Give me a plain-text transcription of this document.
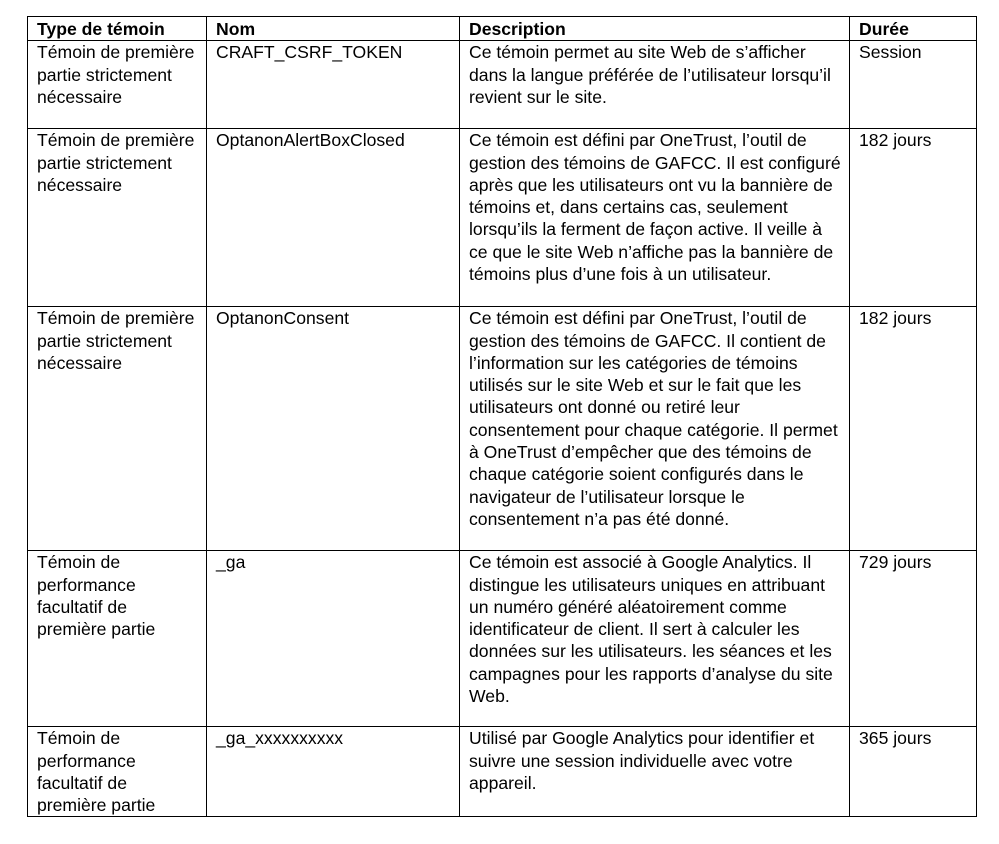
Type de témoin	Nom	Description	Durée

Témoin de première partie strictement nécessaire	CRAFT_CSRF_TOKEN	Ce témoin permet au site Web de s’afficher dans la langue préférée de l’utilisateur lorsqu’il revient sur le site.	Session

Témoin de première partie strictement nécessaire	OptanonAlertBoxClosed	Ce témoin est défini par OneTrust, l’outil de gestion des témoins de GAFCC. Il est configuré après que les utilisateurs ont vu la bannière de témoins et, dans certains cas, seulement lorsqu’ils la ferment de façon active. Il veille à ce que le site Web n’affiche pas la bannière de témoins plus d’une fois à un utilisateur.	182 jours

Témoin de première partie strictement nécessaire	OptanonConsent	Ce témoin est défini par OneTrust, l’outil de gestion des témoins de GAFCC. Il contient de l’information sur les catégories de témoins utilisés sur le site Web et sur le fait que les utilisateurs ont donné ou retiré leur consentement pour chaque catégorie. Il permet à OneTrust d’empêcher que des témoins de chaque catégorie soient configurés dans le navigateur de l’utilisateur lorsque le consentement n’a pas été donné.	182 jours

Témoin de performance facultatif de première partie	_ga	Ce témoin est associé à Google Analytics. Il distingue les utilisateurs uniques en attribuant un numéro généré aléatoirement comme identificateur de client. Il sert à calculer les données sur les utilisateurs. les séances et les campagnes pour les rapports d’analyse du site Web.	729 jours

Témoin de performance facultatif de première partie	_ga_xxxxxxxxxx	Utilisé par Google Analytics pour identifier et suivre une session individuelle avec votre appareil.	365 jours
